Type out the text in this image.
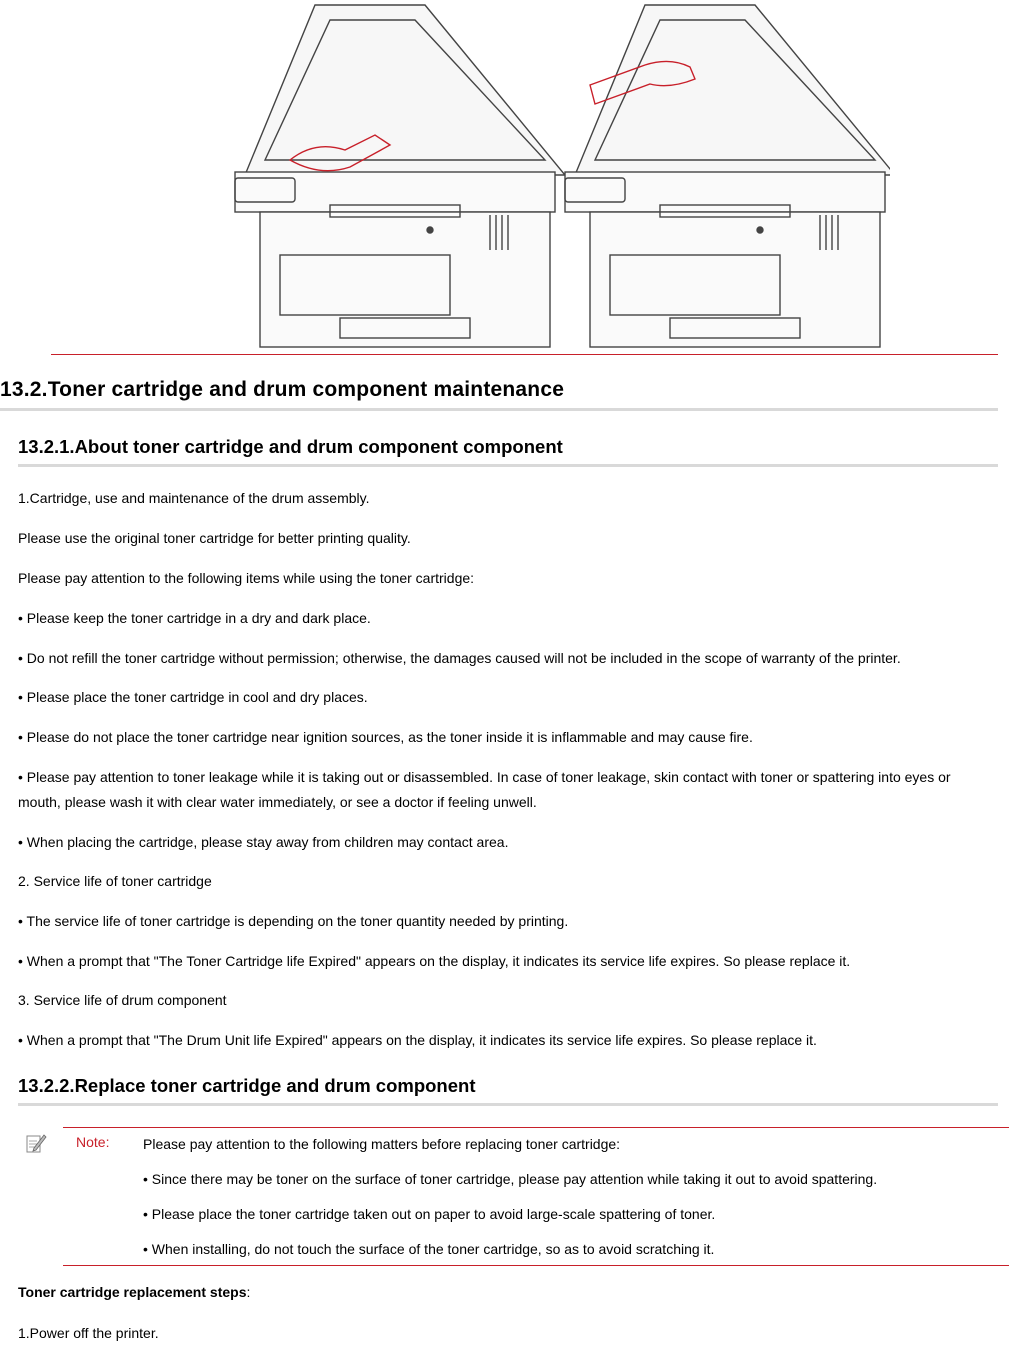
13.2.Toner cartridge and drum component maintenance
13.2.1.About toner cartridge and drum component component
1.Cartridge, use and maintenance of the drum assembly.
Please use the original toner cartridge for better printing quality.
Please pay attention to the following items while using the toner cartridge:
• Please keep the toner cartridge in a dry and dark place.
• Do not refill the toner cartridge without permission; otherwise, the damages caused will not be included in the scope of warranty of the printer.
• Please place the toner cartridge in cool and dry places.
• Please do not place the toner cartridge near ignition sources, as the toner inside it is inflammable and may cause fire.
• Please pay attention to toner leakage while it is taking out or disassembled. In case of toner leakage, skin contact with toner or spattering into eyes or mouth, please wash it with clear water immediately, or see a doctor if feeling unwell.
• When placing the cartridge, please stay away from children may contact area.
2. Service life of toner cartridge
• The service life of toner cartridge is depending on the toner quantity needed by printing.
• When a prompt that "The Toner Cartridge life Expired" appears on the display, it indicates its service life expires. So please replace it.
3. Service life of drum component
• When a prompt that "The Drum Unit life Expired" appears on the display, it indicates its service life expires. So please replace it.
13.2.2.Replace toner cartridge and drum component
Note: Please pay attention to the following matters before replacing toner cartridge:
• Since there may be toner on the surface of toner cartridge, please pay attention while taking it out to avoid spattering.
• Please place the toner cartridge taken out on paper to avoid large-scale spattering of toner.
• When installing, do not touch the surface of the toner cartridge, so as to avoid scratching it.
Toner cartridge replacement steps:
1.Power off the printer.
